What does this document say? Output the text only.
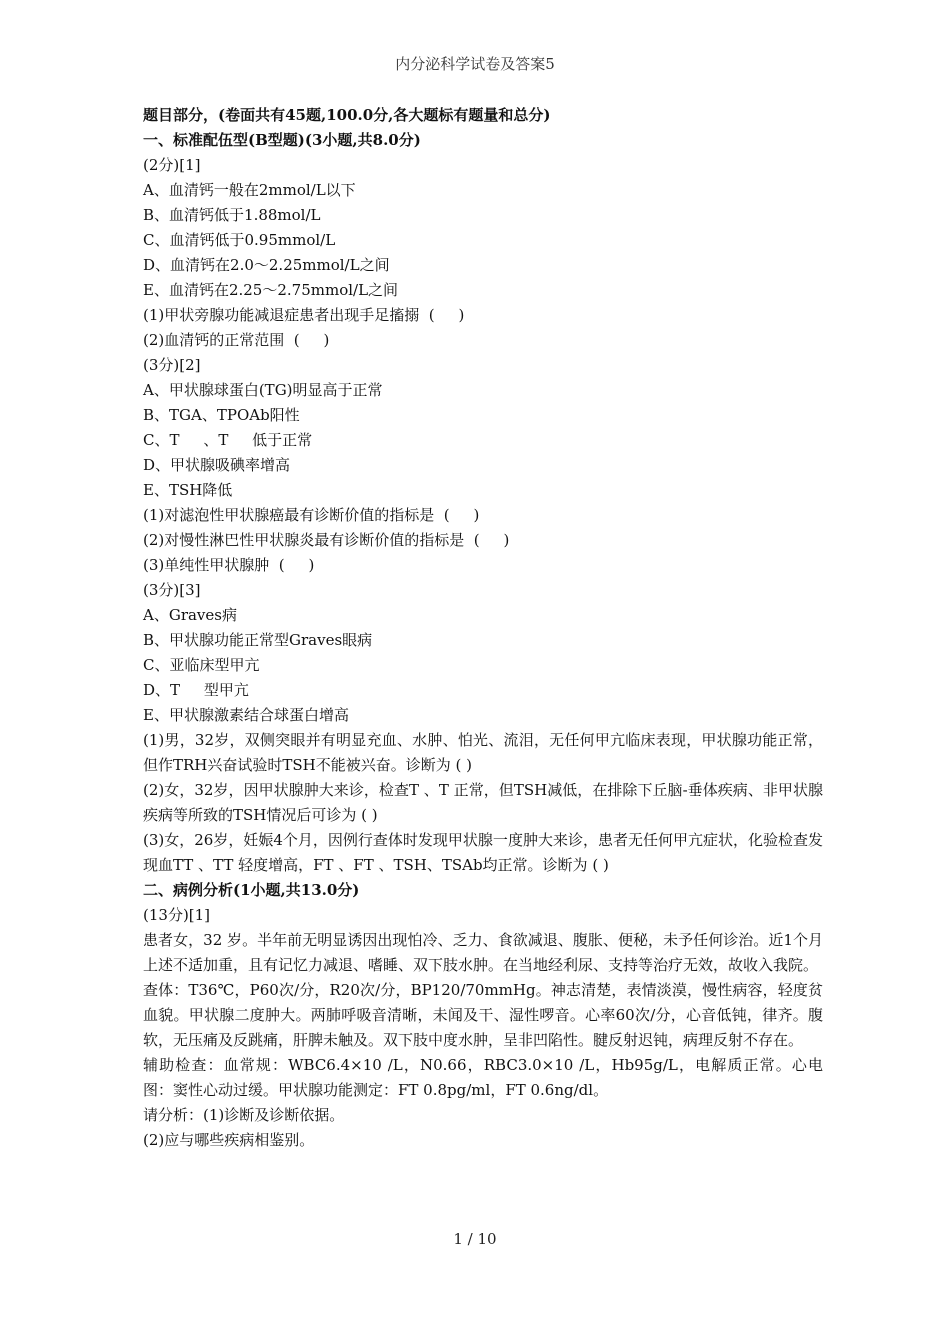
内分泌科学试卷及答案5

题目部分，(卷面共有45题,100.0分,各大题标有题量和总分)

一、标准配伍型(B型题)(3小题,共8.0分)

(2分)[1]

A、血清钙一般在2mmol/L以下

B、血清钙低于1.88mol/L

C、血清钙低于0.95mmol/L

D、血清钙在2.0～2.25mmol/L之间

E、血清钙在2.25～2.75mmol/L之间

(1)甲状旁腺功能减退症患者出现手足搐搦  (     )

(2)血清钙的正常范围  (     )

(3分)[2]

A、甲状腺球蛋白(TG)明显高于正常

B、TGA、TPOAb阳性

C、T     、T     低于正常

D、甲状腺吸碘率增高

E、TSH降低

(1)对滤泡性甲状腺癌最有诊断价值的指标是  (     )

(2)对慢性淋巴性甲状腺炎最有诊断价值的指标是  (     )

(3)单纯性甲状腺肿  (     )

(3分)[3]

A、Graves病

B、甲状腺功能正常型Graves眼病

C、亚临床型甲亢

D、T     型甲亢

E、甲状腺激素结合球蛋白增高

(1)男，32岁，双侧突眼并有明显充血、水肿、怕光、流泪，无任何甲亢临床表现，甲状腺功能正常，但作TRH兴奋试验时TSH不能被兴奋。诊断为 ( )

(2)女，32岁，因甲状腺肿大来诊，检查T 、T 正常，但TSH减低，在排除下丘脑-垂体疾病、非甲状腺疾病等所致的TSH情况后可诊为 ( )

(3)女，26岁，妊娠4个月，因例行查体时发现甲状腺一度肿大来诊，患者无任何甲亢症状，化验检查发现血TT 、TT 轻度增高，FT 、FT 、TSH、TSAb均正常。诊断为 ( )

二、病例分析(1小题,共13.0分)

(13分)[1]

患者女，32 岁。半年前无明显诱因出现怕冷、乏力、食欲减退、腹胀、便秘，未予任何诊治。近1个月上述不适加重，且有记忆力减退、嗜睡、双下肢水肿。在当地经利尿、支持等治疗无效，故收入我院。

查体：T36℃，P60次/分，R20次/分，BP120/70mmHg。神志清楚，表情淡漠，慢性病容，轻度贫血貌。甲状腺二度肿大。两肺呼吸音清晰，未闻及干、湿性啰音。心率60次/分，心音低钝，律齐。腹软，无压痛及反跳痛，肝脾未触及。双下肢中度水肿，呈非凹陷性。腱反射迟钝，病理反射不存在。

辅助检查：血常规：WBC6.4×10 /L，N0.66，RBC3.0×10 /L，Hb95g/L，电解质正常。心电图：窦性心动过缓。甲状腺功能测定：FT 0.8pg/ml，FT 0.6ng/dl。

请分析：(1)诊断及诊断依据。

(2)应与哪些疾病相鉴别。

1 / 10
